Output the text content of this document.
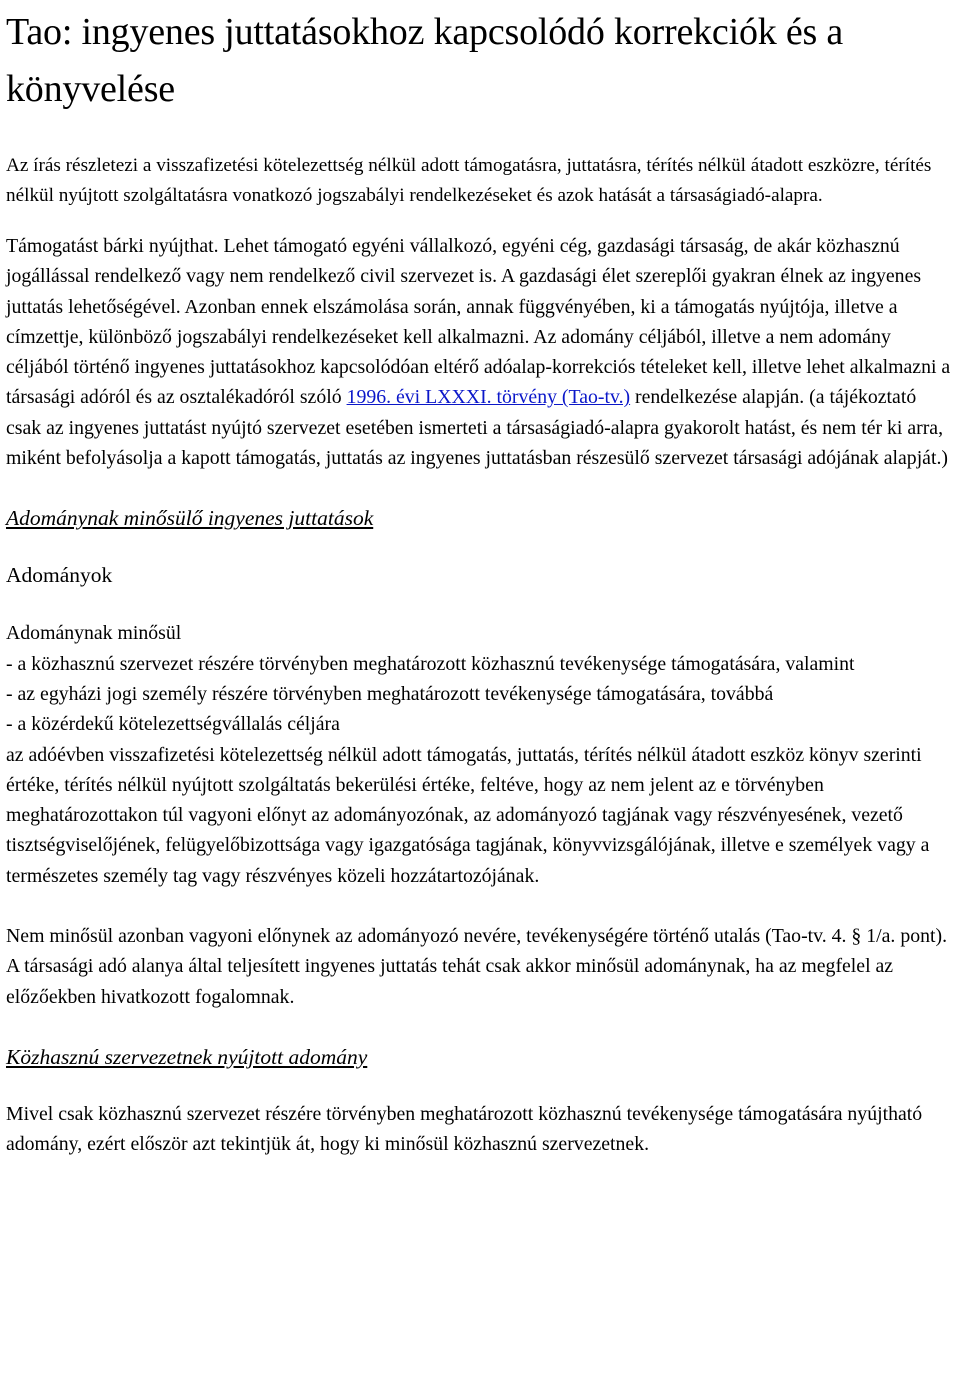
Tao: ingyenes juttatásokhoz kapcsolódó korrekciók és a könyvelése

Az írás részletezi a visszafizetési kötelezettség nélkül adott támogatásra, juttatásra, térítés nélkül átadott eszközre, térítés nélkül nyújtott szolgáltatásra vonatkozó jogszabályi rendelkezéseket és azok hatását a társaságiadó-alapra.

Támogatást bárki nyújthat. Lehet támogató egyéni vállalkozó, egyéni cég, gazdasági társaság, de akár közhasznú jogállással rendelkező vagy nem rendelkező civil szervezet is. A gazdasági élet szereplői gyakran élnek az ingyenes juttatás lehetőségével. Azonban ennek elszámolása során, annak függvényében, ki a támogatás nyújtója, illetve a címzettje, különböző jogszabályi rendelkezéseket kell alkalmazni. Az adomány céljából, illetve a nem adomány céljából történő ingyenes juttatásokhoz kapcsolódóan eltérő adóalap-korrekciós tételeket kell, illetve lehet alkalmazni a társasági adóról és az osztalékadóról szóló 1996. évi LXXXI. törvény (Tao-tv.) rendelkezése alapján. (a tájékoztató csak az ingyenes juttatást nyújtó szervezet esetében ismerteti a társaságiadó-alapra gyakorolt hatást, és nem tér ki arra, miként befolyásolja a kapott támogatás, juttatás az ingyenes juttatásban részesülő szervezet társasági adójának alapját.)

Adománynak minősülő ingyenes juttatások
Adományok
Adománynak minősül
- a közhasznú szervezet részére törvényben meghatározott közhasznú tevékenysége támogatására, valamint
- az egyházi jogi személy részére törvényben meghatározott tevékenysége támogatására, továbbá
- a közérdekű kötelezettségvállalás céljára
az adóévben visszafizetési kötelezettség nélkül adott támogatás, juttatás, térítés nélkül átadott eszköz könyv szerinti értéke, térítés nélkül nyújtott szolgáltatás bekerülési értéke, feltéve, hogy az nem jelent az e törvényben meghatározottakon túl vagyoni előnyt az adományozónak, az adományozó tagjának vagy részvényesének, vezető tisztségviselőjének, felügyelőbizottsága vagy igazgatósága tagjának, könyvvizsgálójának, illetve e személyek vagy a természetes személy tag vagy részvényes közeli hozzátartozójának.

Nem minősül azonban vagyoni előnynek az adományozó nevére, tevékenységére történő utalás (Tao-tv. 4. § 1/a. pont).

A társasági adó alanya által teljesített ingyenes juttatás tehát csak akkor minősül adománynak, ha az megfelel az előzőekben hivatkozott fogalomnak.

Közhasznú szervezetnek nyújtott adomány

Mivel csak közhasznú szervezet részére törvényben meghatározott közhasznú tevékenysége támogatására nyújtható adomány, ezért először azt tekintjük át, hogy ki minősül közhasznú szervezetnek.
